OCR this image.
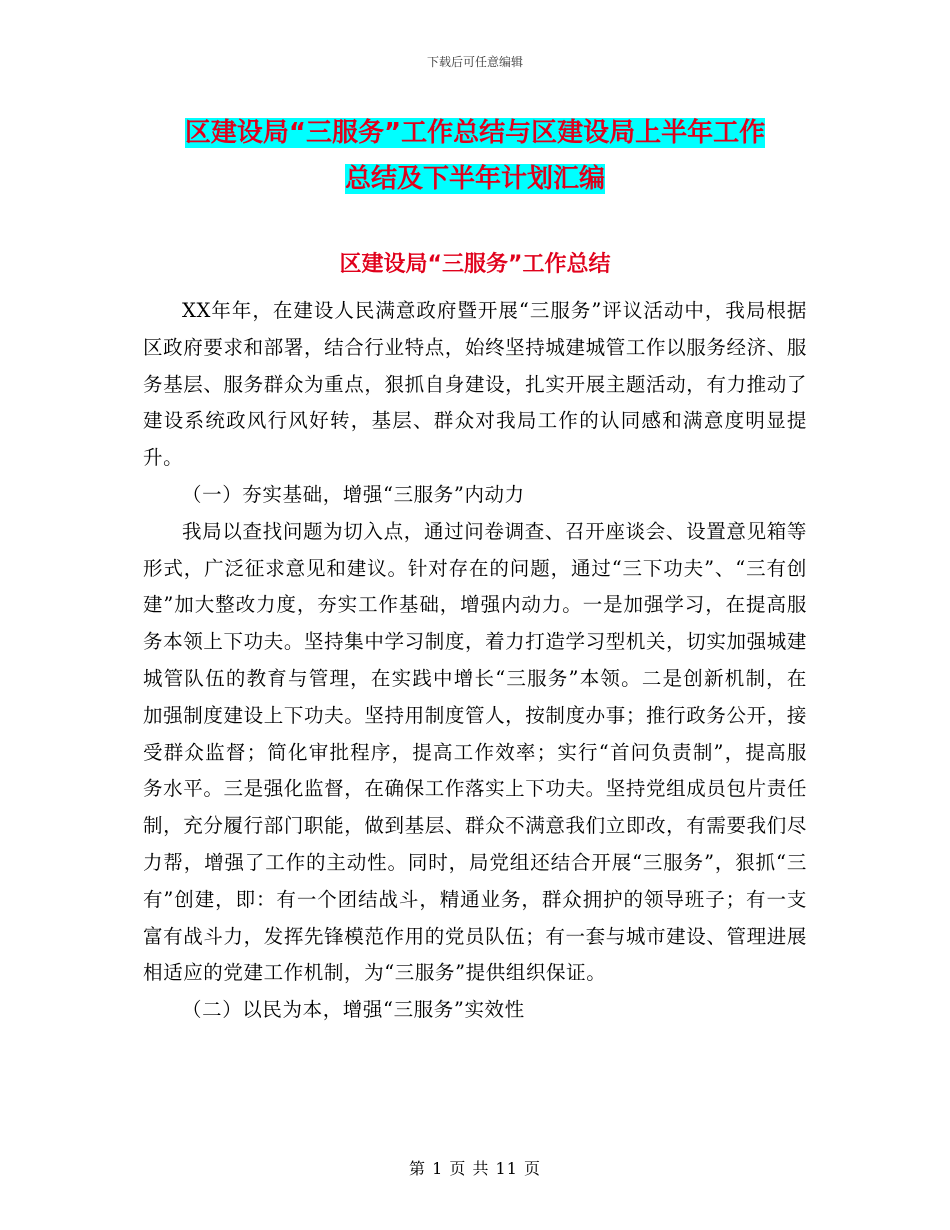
下载后可任意编辑
区建设局“三服务”工作总结与区建设局上半年工作
总结及下半年计划汇编
区建设局“三服务”工作总结

XX年年，在建设人民满意政府暨开展“三服务”评议活动中，我局根据区政府要求和部署，结合行业特点，始终坚持城建城管工作以服务经济、服务基层、服务群众为重点，狠抓自身建设，扎实开展主题活动，有力推动了建设系统政风行风好转，基层、群众对我局工作的认同感和满意度明显提升。

（一）夯实基础，增强“三服务”内动力

我局以查找问题为切入点，通过问卷调查、召开座谈会、设置意见箱等形式，广泛征求意见和建议。针对存在的问题，通过“三下功夫”、“三有创建”加大整改力度，夯实工作基础，增强内动力。一是加强学习，在提高服务本领上下功夫。坚持集中学习制度，着力打造学习型机关，切实加强城建城管队伍的教育与管理，在实践中增长“三服务”本领。二是创新机制，在加强制度建设上下功夫。坚持用制度管人，按制度办事；推行政务公开，接受群众监督；简化审批程序，提高工作效率；实行“首问负责制”，提高服务水平。三是强化监督，在确保工作落实上下功夫。坚持党组成员包片责任制，充分履行部门职能，做到基层、群众不满意我们立即改，有需要我们尽力帮，增强了工作的主动性。同时，局党组还结合开展“三服务”，狠抓“三有”创建，即：有一个团结战斗，精通业务，群众拥护的领导班子；有一支富有战斗力，发挥先锋模范作用的党员队伍；有一套与城市建设、管理进展相适应的党建工作机制，为“三服务”提供组织保证。

（二）以民为本，增强“三服务”实效性

第 1 页 共 11 页
